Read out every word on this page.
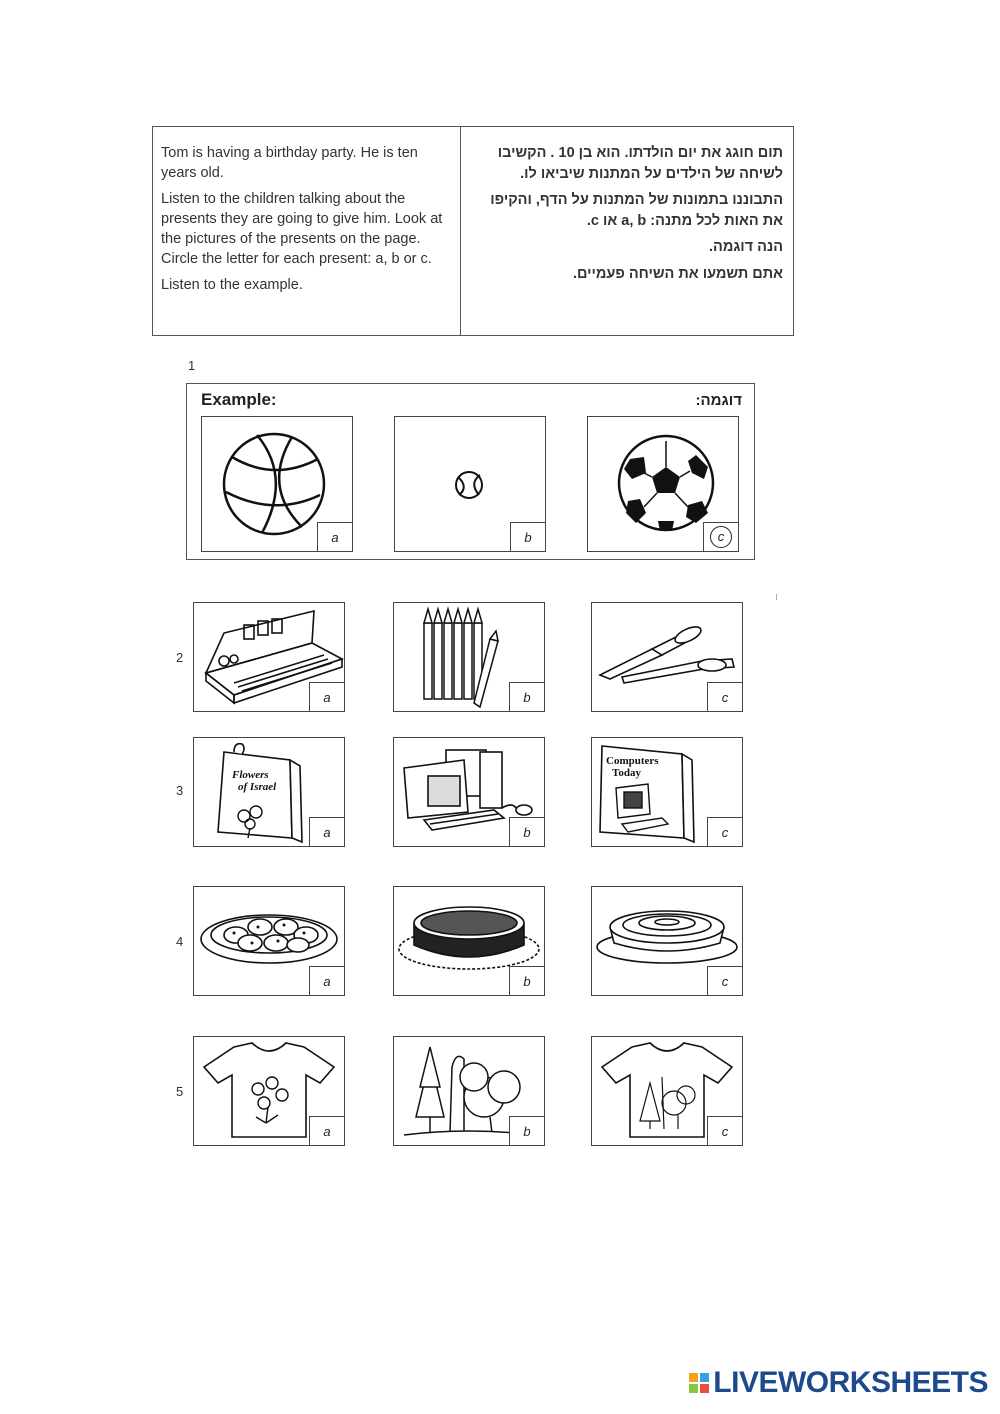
Tom is having a birthday party. He is ten years old.

Listen to the children talking about the presents they are going to give him. Look at the pictures of the presents on the page. Circle the letter for each present: a, b or c.

Listen to the example.

תום חוגג את יום הולדתו. הוא בן 10 . הקשיבו לשיחה של הילדים על המתנות שיביאו לו.

התבוננו בתמונות של המתנות על הדף, והקיפו את האות לכל מתנה: a, b או c.

הנה דוגמה.

אתם תשמעו את השיחה פעמיים.

1
Example:	דוגמה:
a	b	c
2
a	b	c
3
Flowers of Israel
a	b
Computers Today
c
4
a	b	c
5
a	b	c
LIVEWORKSHEETS
